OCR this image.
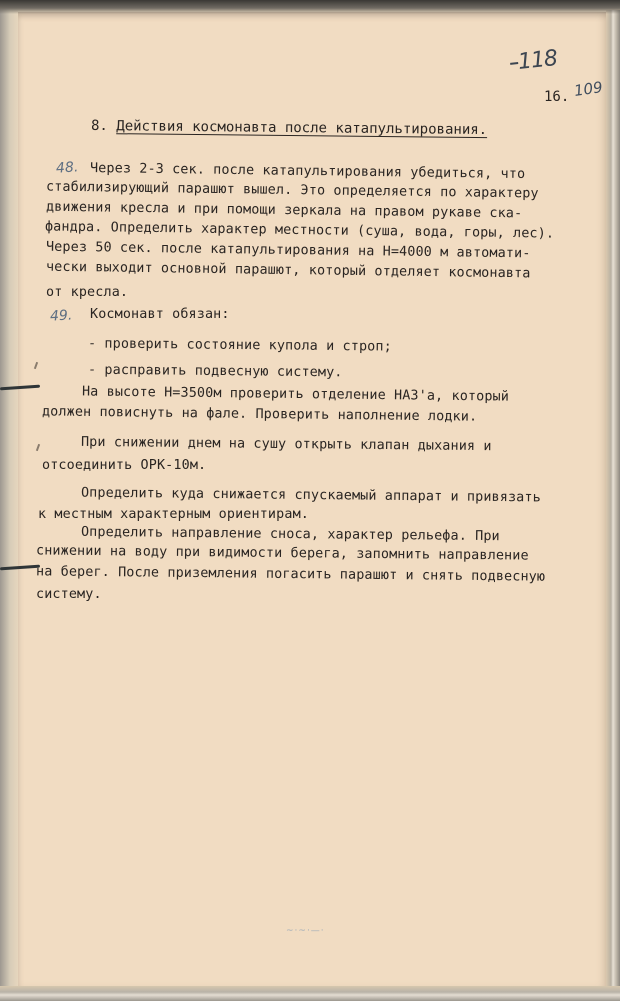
118
16. 109
8. Действия космонавта после катапультирования.
48.
49.
Через 2-3 сек. после катапультирования убедиться, что
стабилизирующий парашют вышел. Это определяется по характеру
движения кресла и при помощи зеркала на правом рукаве ска-
фандра. Определить характер местности (суша, вода, горы, лес).
Через 50 сек. после катапультирования на Н=4000 м автомати-
чески выходит основной парашют, который отделяет космонавта
от кресла.
Космонавт обязан:
- проверить состояние купола и строп;
- расправить подвесную систему.
На высоте Н=3500м проверить отделение НАЗ'а, который
должен повиснуть на фале. Проверить наполнение лодки.
При снижении днем на сушу открыть клапан дыхания и
отсоединить ОРК-10м.
Определить куда снижается спускаемый аппарат и привязать
к местным характерным ориентирам.
Определить направление сноса, характер рельефа. При
снижении на воду при видимости берега, запомнить направление
на берег. После приземления погасить парашют и снять подвесную
систему.
~·~·—·
